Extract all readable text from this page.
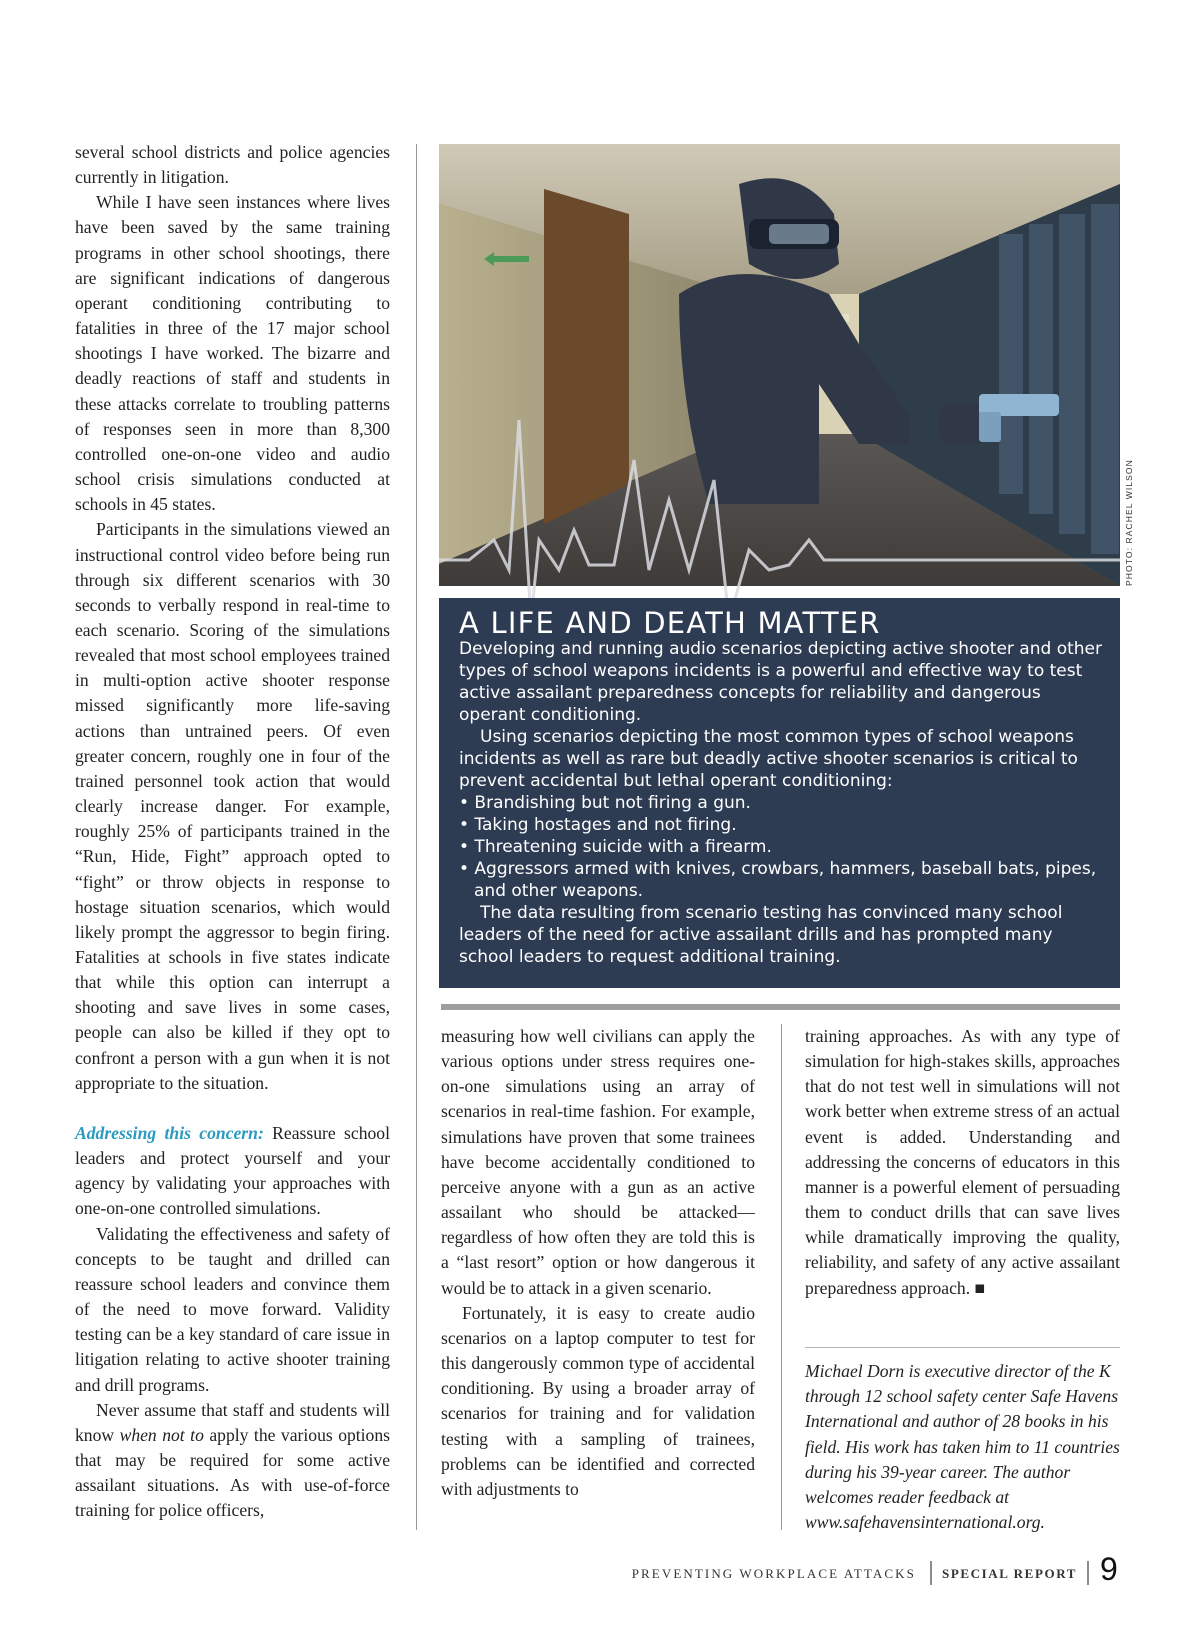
several school districts and police agencies currently in litigation.

While I have seen instances where lives have been saved by the same training programs in other school shootings, there are significant indications of dangerous operant conditioning contributing to fatalities in three of the 17 major school shootings I have worked. The bizarre and deadly reactions of staff and students in these attacks correlate to troubling patterns of responses seen in more than 8,300 controlled one-on-one video and audio school crisis simulations conducted at schools in 45 states.

Participants in the simulations viewed an instructional control video before being run through six different scenarios with 30 seconds to verbally respond in real-time to each scenario. Scoring of the simulations revealed that most school employees trained in multi-option active shooter response missed significantly more life-saving actions than untrained peers. Of even greater concern, roughly one in four of the trained personnel took action that would clearly increase danger. For example, roughly 25% of participants trained in the “Run, Hide, Fight” approach opted to “fight” or throw objects in response to hostage situation scenarios, which would likely prompt the aggressor to begin firing. Fatalities at schools in five states indicate that while this option can interrupt a shooting and save lives in some cases, people can also be killed if they opt to confront a person with a gun when it is not appropriate to the situation.

Addressing this concern: Reassure school leaders and protect yourself and your agency by validating your approaches with one-on-one controlled simulations.

Validating the effectiveness and safety of concepts to be taught and drilled can reassure school leaders and convince them of the need to move forward. Validity testing can be a key standard of care issue in litigation relating to active shooter training and drill programs.

Never assume that staff and students will know when not to apply the various options that may be required for some active assailant situations. As with use-of-force training for police officers,

PHOTO: RACHEL WILSON
A LIFE AND DEATH MATTER

Developing and running audio scenarios depicting active shooter and other types of school weapons incidents is a powerful and effective way to test active assailant preparedness concepts for reliability and dangerous operant conditioning.

Using scenarios depicting the most common types of school weapons incidents as well as rare but deadly active shooter scenarios is critical to prevent accidental but lethal operant conditioning:

• Brandishing but not firing a gun.
• Taking hostages and not firing.
• Threatening suicide with a firearm.
• Aggressors armed with knives, crowbars, hammers, baseball bats, pipes, and other weapons.

The data resulting from scenario testing has convinced many school leaders of the need for active assailant drills and has prompted many school leaders to request additional training.

measuring how well civilians can apply the various options under stress requires one-on-one simulations using an array of scenarios in real-time fashion. For example, simulations have proven that some trainees have become accidentally conditioned to perceive anyone with a gun as an active assailant who should be attacked—regardless of how often they are told this is a “last resort” option or how dangerous it would be to attack in a given scenario.

Fortunately, it is easy to create audio scenarios on a laptop computer to test for this dangerously common type of accidental conditioning. By using a broader array of scenarios for training and for validation testing with a sampling of trainees, problems can be identified and corrected with adjustments to

training approaches. As with any type of simulation for high-stakes skills, approaches that do not test well in simulations will not work better when extreme stress of an actual event is added. Understanding and addressing the concerns of educators in this manner is a powerful element of persuading them to conduct drills that can save lives while dramatically improving the quality, reliability, and safety of any active assailant preparedness approach. ■

Michael Dorn is executive director of the K through 12 school safety center Safe Havens International and author of 28 books in his field. His work has taken him to 11 countries during his 39-year career. The author welcomes reader feedback at www.safehavensinternational.org.
PREVENTING WORKPLACE ATTACKS SPECIAL REPORT 9
